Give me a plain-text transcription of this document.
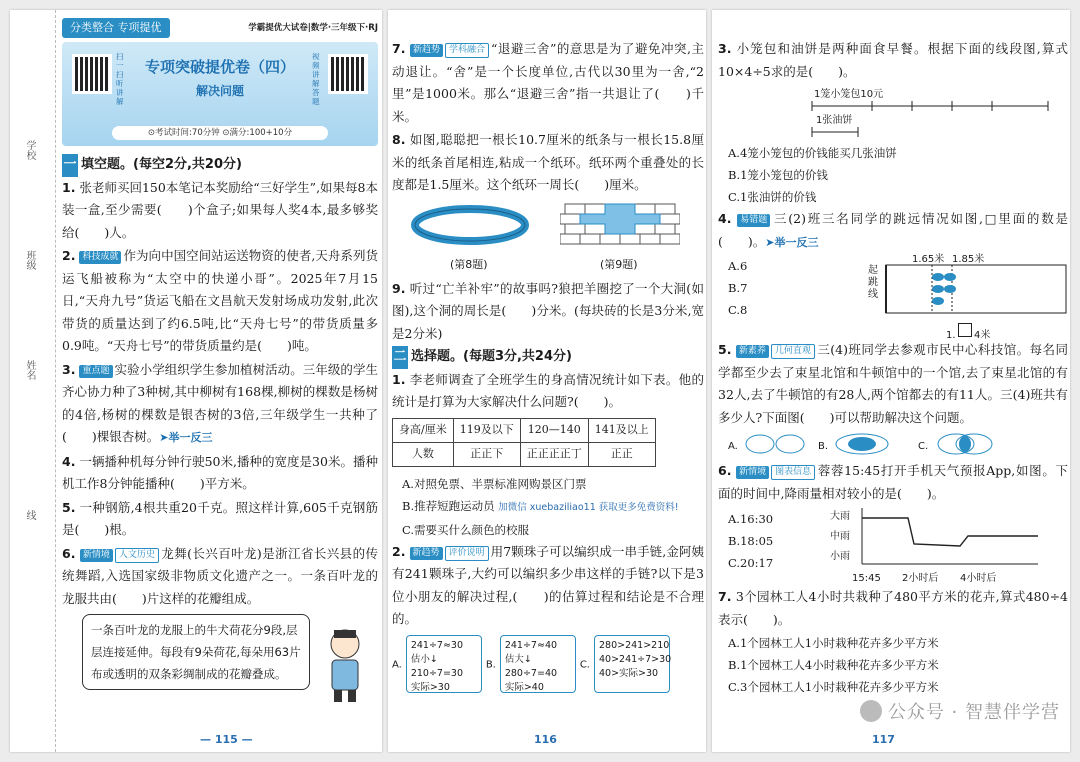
学校
班级
姓名
线
分类整合 专项提优	学霸提优大试卷|数学·三年级下·RJ
扫一扫 听讲解
视频讲解 答题
专项突破提优卷（四）
解决问题
⊙考试时间:70分钟 ⊙满分:100+10分
一 填空题。(每空2分,共20分)
1. 张老师买回150本笔记本奖励给“三好学生”,如果每8本装一盒,至少需要(　　)个盒子;如果每人奖4本,最多够奖给(　　)人。
2. 科技成就 作为向中国空间站运送物资的使者,天舟系列货运飞船被称为“太空中的快递小哥”。2025年7月15日,“天舟九号”货运飞船在文昌航天发射场成功发射,此次带货的质量达到了约6.5吨,比“天舟七号”的带货质量多0.9吨。“天舟七号”的带货质量约是(　　)吨。
3. 重点题 实验小学组织学生参加植树活动。三年级的学生齐心协力种了3种树,其中柳树有168棵,柳树的棵数是杨树的4倍,杨树的棵数是银杏树的3倍,三年级学生一共种了(　　)棵银杏树。➤举一反三
4. 一辆播种机每分钟行驶50米,播种的宽度是30米。播种机工作8分钟能播种(　　)平方米。
5. 一种钢筋,4根共重20千克。照这样计算,605千克钢筋是(　　)根。
6. 新情境 人文历史 龙舞(长兴百叶龙)是浙江省长兴县的传统舞蹈,入选国家级非物质文化遗产之一。一条百叶龙的龙服共由(　　)片这样的花瓣组成。
一条百叶龙的龙服上的牛犬荷花分9段,层层连接延伸。每段有9朵荷花,每朵用63片布或透明的双条彩绸制成的花瓣叠成。
— 115 —
7. 新趋势 学科融合 “退避三舍”的意思是为了避免冲突,主动退让。“舍”是一个长度单位,古代以30里为一舍,“2里”是1000米。那么“退避三舍”指一共退让了(　　)千米。
8. 如图,聪聪把一根长10.7厘米的纸条与一根长15.8厘米的纸条首尾相连,粘成一个纸环。纸环两个重叠处的长度都是1.5厘米。这个纸环一周长(　　)厘米。
(第8题)	(第9题)
9. 听过“亡羊补牢”的故事吗?狼把羊圈挖了一个大洞(如图),这个洞的周长是(　　)分米。(每块砖的长是3分米,宽是2分米)
二 选择题。(每题3分,共24分)
1. 李老师调查了全班学生的身高情况统计如下表。他的统计是打算为大家解决什么问题?(　　)。
身高/厘米	119及以下	120—140	141及以上
人数	正正下	正正正正丁	正正
A.对照免票、半票标准网购景区门票
B.推荐短跑运动员 加微信 xuebaziliao11 获取更多免费资料!
C.需要买什么颜色的校服
2. 新趋势 评价说明 用7颗珠子可以编织成一串手链,金阿姨有241颗珠子,大约可以编织多少串这样的手链?以下是3位小朋友的解决过程,(　　)的估算过程和结论是不合理的。
A.
241÷7≈30
估小↓
210÷7=30
实际>30
B.
241÷7≈40
估大↓
280÷7=40
实际>40
C.
280>241>210
40>241÷7>30
40>实际>30
116
3. 小笼包和油饼是两种面食早餐。根据下面的线段图,算式10×4÷5求的是(　　)。
1笼小笼包10元
1张油饼
A.4笼小笼包的价钱能买几张油饼
B.1笼小笼包的价钱
C.1张油饼的价钱
4. 易错题 三(2)班三名同学的跳远情况如图,□里面的数是(　　)。➤举一反三
A.6
B.7
C.8
1.65米 1.85米
起跳线
1. 4米
5. 新素养 几何直观 三(4)班同学去参观市民中心科技馆。每名同学都至少去了束星北馆和牛顿馆中的一个馆,去了束星北馆的有32人,去了牛顿馆的有28人,两个馆都去的有11人。三(4)班共有多少人?下面图(　　)可以帮助解决这个问题。
A.	B.	C.
6. 新情境 图表信息 蓉蓉15:45打开手机天气预报App,如图。下面的时间中,降雨量相对较小的是(　　)。
A.16:30
B.18:05
C.20:17
大雨
中雨
小雨
15:45 2小时后 4小时后
7. 3个园林工人4小时共栽种了480平方米的花卉,算式480÷4表示(　　)。
A.1个园林工人1小时栽种花卉多少平方米
B.1个园林工人4小时栽种花卉多少平方米
C.3个园林工人1小时栽种花卉多少平方米
117
公众号 · 智慧伴学营
